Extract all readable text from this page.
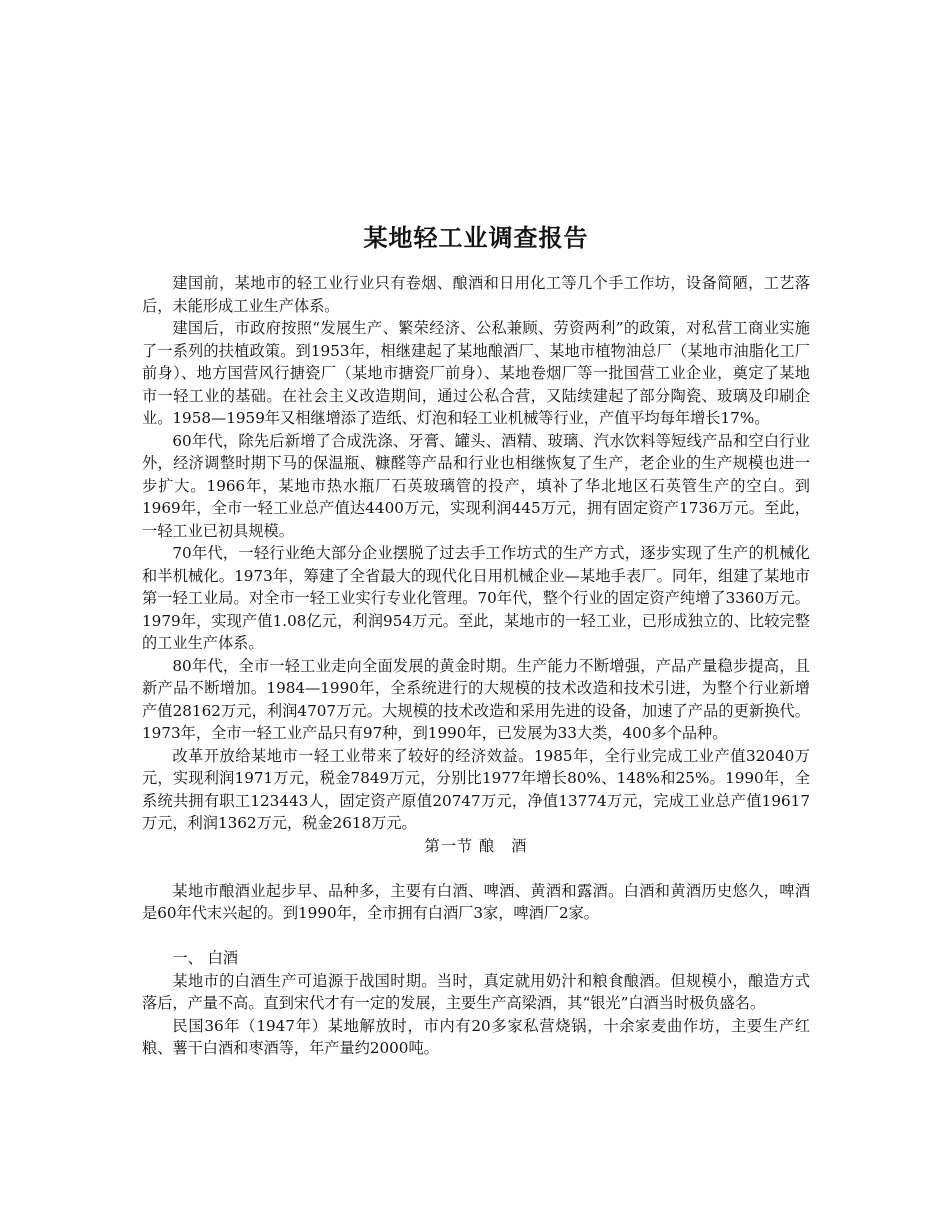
某地轻工业调查报告

建国前，某地市的轻工业行业只有卷烟、酿酒和日用化工等几个手工作坊，设备简陋，工艺落后，未能形成工业生产体系。

建国后，市政府按照“发展生产、繁荣经济、公私兼顾、劳资两利”的政策，对私营工商业实施了一系列的扶植政策。到1953年，相继建起了某地酿酒厂、某地市植物油总厂（某地市油脂化工厂前身）、地方国营风行搪瓷厂（某地市搪瓷厂前身）、某地卷烟厂等一批国营工业企业，奠定了某地市一轻工业的基础。在社会主义改造期间，通过公私合营，又陆续建起了部分陶瓷、玻璃及印刷企业。1958—1959年又相继增添了造纸、灯泡和轻工业机械等行业，产值平均每年增长17%。

60年代，除先后新增了合成洗涤、牙膏、罐头、酒精、玻璃、汽水饮料等短线产品和空白行业外，经济调整时期下马的保温瓶、糠醛等产品和行业也相继恢复了生产，老企业的生产规模也进一步扩大。1966年，某地市热水瓶厂石英玻璃管的投产，填补了华北地区石英管生产的空白。到1969年，全市一轻工业总产值达4400万元，实现利润445万元，拥有固定资产1736万元。至此，一轻工业已初具规模。

70年代，一轻行业绝大部分企业摆脱了过去手工作坊式的生产方式，逐步实现了生产的机械化和半机械化。1973年，筹建了全省最大的现代化日用机械企业—某地手表厂。同年，组建了某地市第一轻工业局。对全市一轻工业实行专业化管理。70年代，整个行业的固定资产纯增了3360万元。1979年，实现产值1.08亿元，利润954万元。至此，某地市的一轻工业，已形成独立的、比较完整的工业生产体系。

80年代，全市一轻工业走向全面发展的黄金时期。生产能力不断增强，产品产量稳步提高，且新产品不断增加。1984—1990年，全系统进行的大规模的技术改造和技术引进，为整个行业新增产值28162万元，利润4707万元。大规模的技术改造和采用先进的设备，加速了产品的更新换代。1973年，全市一轻工业产品只有97种，到1990年，已发展为33大类，400多个品种。

改革开放给某地市一轻工业带来了较好的经济效益。1985年，全行业完成工业产值32040万元，实现利润1971万元，税金7849万元，分别比1977年增长80%、148%和25%。1990年，全系统共拥有职工123443人，固定资产原值20747万元，净值13774万元，完成工业总产值19617万元，利润1362万元，税金2618万元。

第一节 酿　酒

某地市酿酒业起步早、品种多，主要有白酒、啤酒、黄酒和露酒。白酒和黄酒历史悠久，啤酒是60年代末兴起的。到1990年，全市拥有白酒厂3家，啤酒厂2家。

一、 白酒

某地市的白酒生产可追源于战国时期。当时，真定就用奶汁和粮食酿酒。但规模小，酿造方式落后，产量不高。直到宋代才有一定的发展，主要生产高梁酒，其“银光”白酒当时极负盛名。

民国36年（1947年）某地解放时，市内有20多家私营烧锅，十余家麦曲作坊，主要生产红粮、薯干白酒和枣酒等，年产量约2000吨。
